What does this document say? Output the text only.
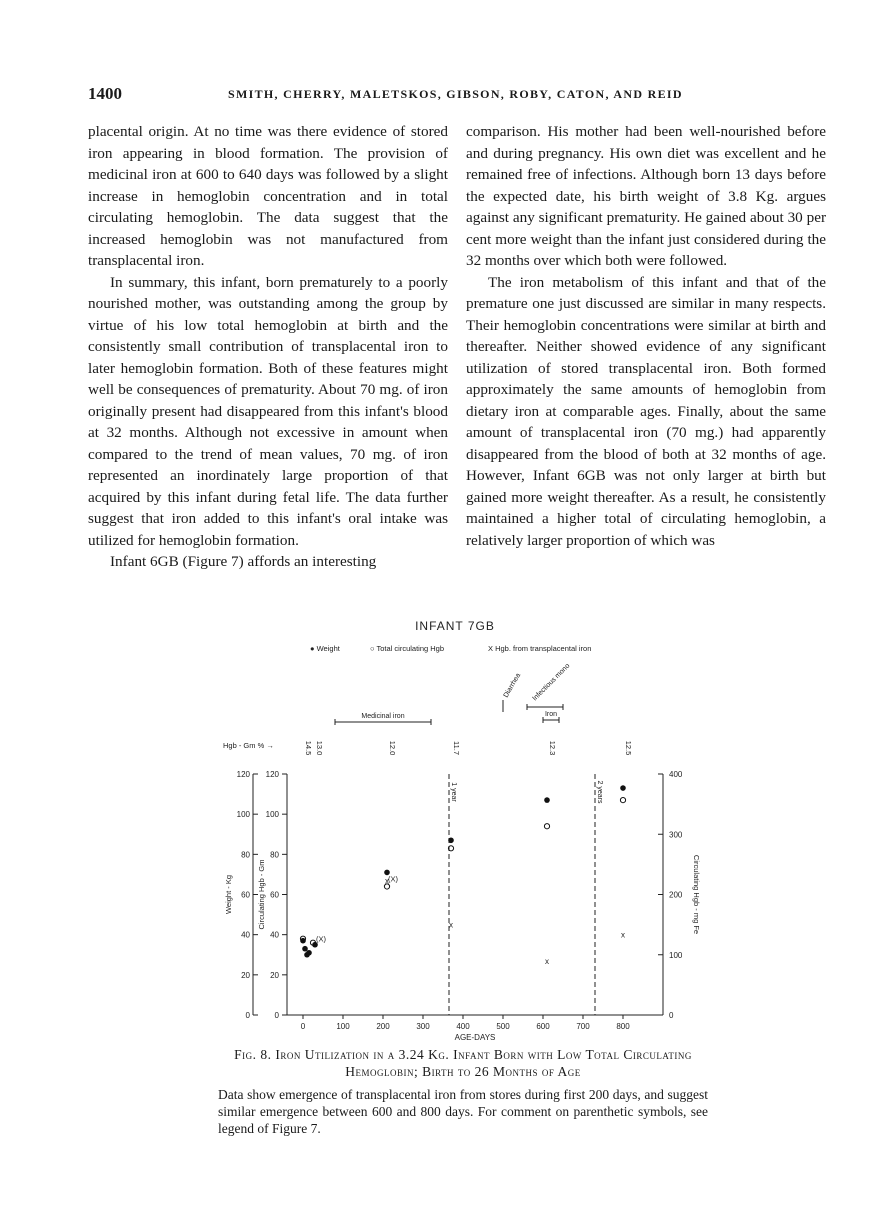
1400	SMITH, CHERRY, MALETSKOS, GIBSON, ROBY, CATON, AND REID

placental origin. At no time was there evidence of stored iron appearing in blood formation. The provision of medicinal iron at 600 to 640 days was followed by a slight increase in hemoglobin concentration and in total circulating hemoglobin. The data suggest that the increased hemoglobin was not manufactured from transplacental iron.

In summary, this infant, born prematurely to a poorly nourished mother, was outstanding among the group by virtue of his low total hemoglobin at birth and the consistently small contribution of transplacental iron to later hemoglobin formation. Both of these features might well be consequences of prematurity. About 70 mg. of iron originally present had disappeared from this infant's blood at 32 months. Although not excessive in amount when compared to the trend of mean values, 70 mg. of iron represented an inordinately large proportion of that acquired by this infant during fetal life. The data further suggest that iron added to this infant's oral intake was utilized for hemoglobin formation.

Infant 6GB (Figure 7) affords an interesting

comparison. His mother had been well-nourished before and during pregnancy. His own diet was excellent and he remained free of infections. Although born 13 days before the expected date, his birth weight of 3.8 Kg. argues against any significant prematurity. He gained about 30 per cent more weight than the infant just considered during the 32 months over which both were followed.

The iron metabolism of this infant and that of the premature one just discussed are similar in many respects. Their hemoglobin concentrations were similar at birth and thereafter. Neither showed evidence of any significant utilization of stored transplacental iron. Both formed approximately the same amounts of hemoglobin from dietary iron at comparable ages. Finally, about the same amount of transplacental iron (70 mg.) had apparently disappeared from the blood of both at 32 months of age. However, Infant 6GB was not only larger at birth but gained more weight thereafter. As a result, he consistently maintained a higher total of circulating hemoglobin, a relatively larger proportion of which was

INFANT 7GB
● Weight	○ Total circulating Hgb	X Hgb. from transplacental iron
0
20
40
60
80
100
120
0
20
40
60
80
100
120
0
100
200
300
400
0	100	200	300	400	500	600	700	800
AGE-DAYS
Weight - Kg	Circulating Hgb - Gm	Circulating Hgb - mg Fe
Hgb - Gm % →	14.5 13.0	12.0	11.7	12.3	12.5
Medicinal iron	Iron
Diarrhea Infectious mono
1 year	2 years
x
x
x
x
(X)
(X)
Fig. 8. Iron Utilization in a 3.24 Kg. Infant Born with Low Total Circulating Hemoglobin; Birth to 26 Months of Age
Data show emergence of transplacental iron from stores during first 200 days, and suggest similar emergence between 600 and 800 days. For comment on parenthetic symbols, see legend of Figure 7.
